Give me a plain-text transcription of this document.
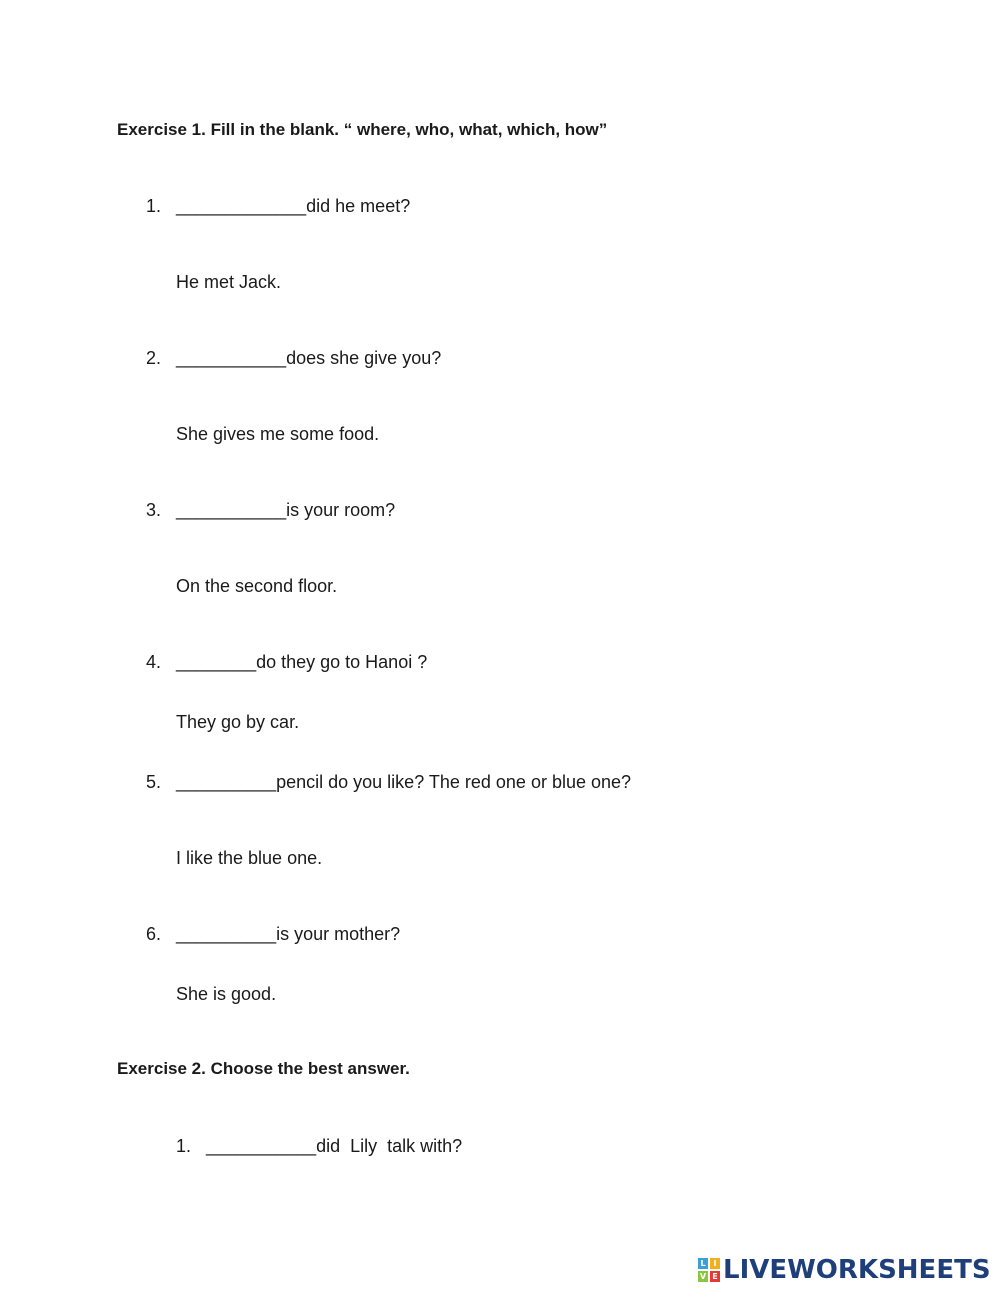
Exercise 1. Fill in the blank. “ where, who, what, which, how”
1. _____________did he meet?
He met Jack.
2. ___________does she give you?
She gives me some food.
3. ___________is your room?
On the second floor.
4. ________do they go to Hanoi ?
They go by car.
5. __________pencil do you like? The red one or blue one?
I like the blue one.
6. __________is your mother?
She is good.
Exercise 2. Choose the best answer.
1. ___________did  Lily  talk with?
L I
V E LIVEWORKSHEETS
